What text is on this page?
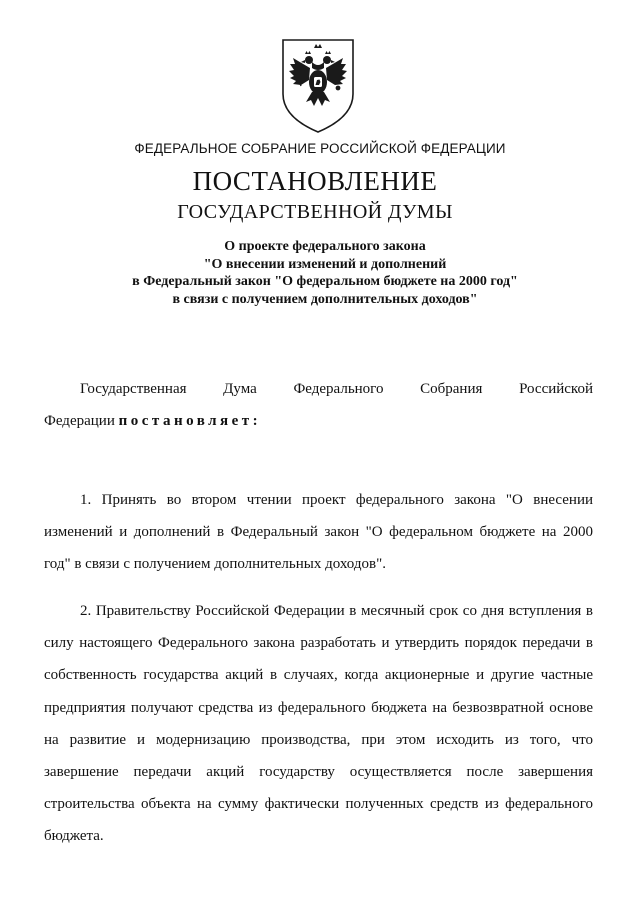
ФЕДЕРАЛЬНОЕ СОБРАНИЕ РОССИЙСКОЙ ФЕДЕРАЦИИ
ПОСТАНОВЛЕНИЕ
ГОСУДАРСТВЕННОЙ ДУМЫ
О проекте федерального закона
"О внесении изменений и дополнений
в Федеральный закон "О федеральном бюджете на 2000 год"
в связи с получением дополнительных доходов"
Государственная Дума Федерального Собрания Российской
Федерации постановляет:
1. Принять во втором чтении проект федерального закона "О внесении
изменений и дополнений в Федеральный закон "О федеральном бюджете на 2000
год" в связи с получением дополнительных доходов".
2. Правительству Российской Федерации в месячный срок со дня вступления в
силу настоящего Федерального закона разработать и утвердить порядок передачи в
собственность государства акций в случаях, когда акционерные и другие частные
предприятия получают средства из федерального бюджета на безвозвратной основе
на развитие и модернизацию производства, при этом исходить из того, что
завершение передачи акций государству осуществляется после завершения
строительства объекта на сумму фактически полученных средств из федерального
бюджета.
